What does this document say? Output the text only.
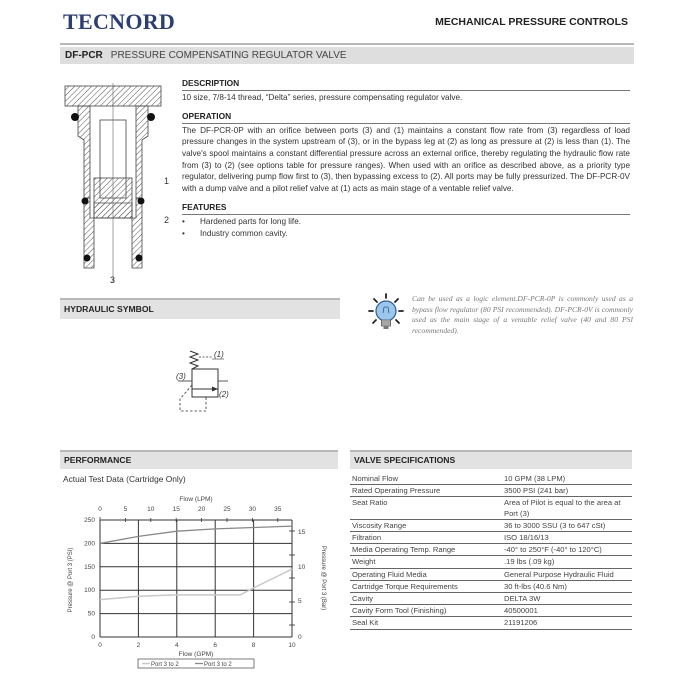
TECNORD	MECHANICAL PRESSURE CONTROLS
DF-PCR PRESSURE COMPENSATING REGULATOR VALVE
1
2
3
DESCRIPTION
10 size, 7/8-14 thread, “Delta” series, pressure compensating regulator valve.
OPERATION
The DF-PCR-0P with an orifice between ports (3) and (1) maintains a constant flow rate from (3) regardless of load pressure changes in the system upstream of (3), or in the bypass leg at (2) as long as pressure at (2) is less than (1). The valve's spool maintains a constant differential pressure across an external orifice, thereby regulating the hydraulic flow rate from (3) to (2) (see options table for pressure ranges). When used with an orifice as described above, as a priority type regulator, delivering pump flow first to (3), then bypassing excess to (2). All ports may be fully pressurized. The DF-PCR-0V with a dump valve and a pilot relief valve at (1) acts as main stage of a ventable relief valve.
FEATURES
•	Hardened parts for long life.
•	Industry common cavity.
HYDRAULIC SYMBOL
(1)
(3)
(2)
Can be used as a logic element.DF-PCR-0P is commonly used as a bypass flow regulator (80 PSI recommended). DF-PCR-0V is commonly used as the main stage of a ventable relief valve (40 and 80 PSI recommended).
PERFORMANCE
Actual Test Data (Cartridge Only)
Flow (LPM)
0	5	10	15	20	25	30	35
250
200
150
100
50
0
15
10
5
0
Pressure @ Port 3 (PSI)	Pressure @ Port 3 (Bar)
0	2	4	6	8	10
Flow (GPM)
Port 3 to 2	Port 3 to 2
VALVE SPECIFICATIONS
Nominal Flow	10 GPM (38 LPM)
Rated Operating Pressure	3500 PSI (241 bar)
Seat Ratio	Area of Pilot is equal to the area at Port (3)
Viscosity Range	36 to 3000 SSU (3 to 647 cSt)
Filtration	ISO 18/16/13
Media Operating Temp. Range	-40° to 250°F (-40° to 120°C)
Weight	.19 lbs (.09 kg)
Operating Fluid Media	General Purpose Hydraulic Fluid
Cartridge Torque Requirements	30 ft-lbs (40.6 Nm)
Cavity	DELTA 3W
Cavity Form Tool (Finishing)	40500001
Seal Kit	21191206
